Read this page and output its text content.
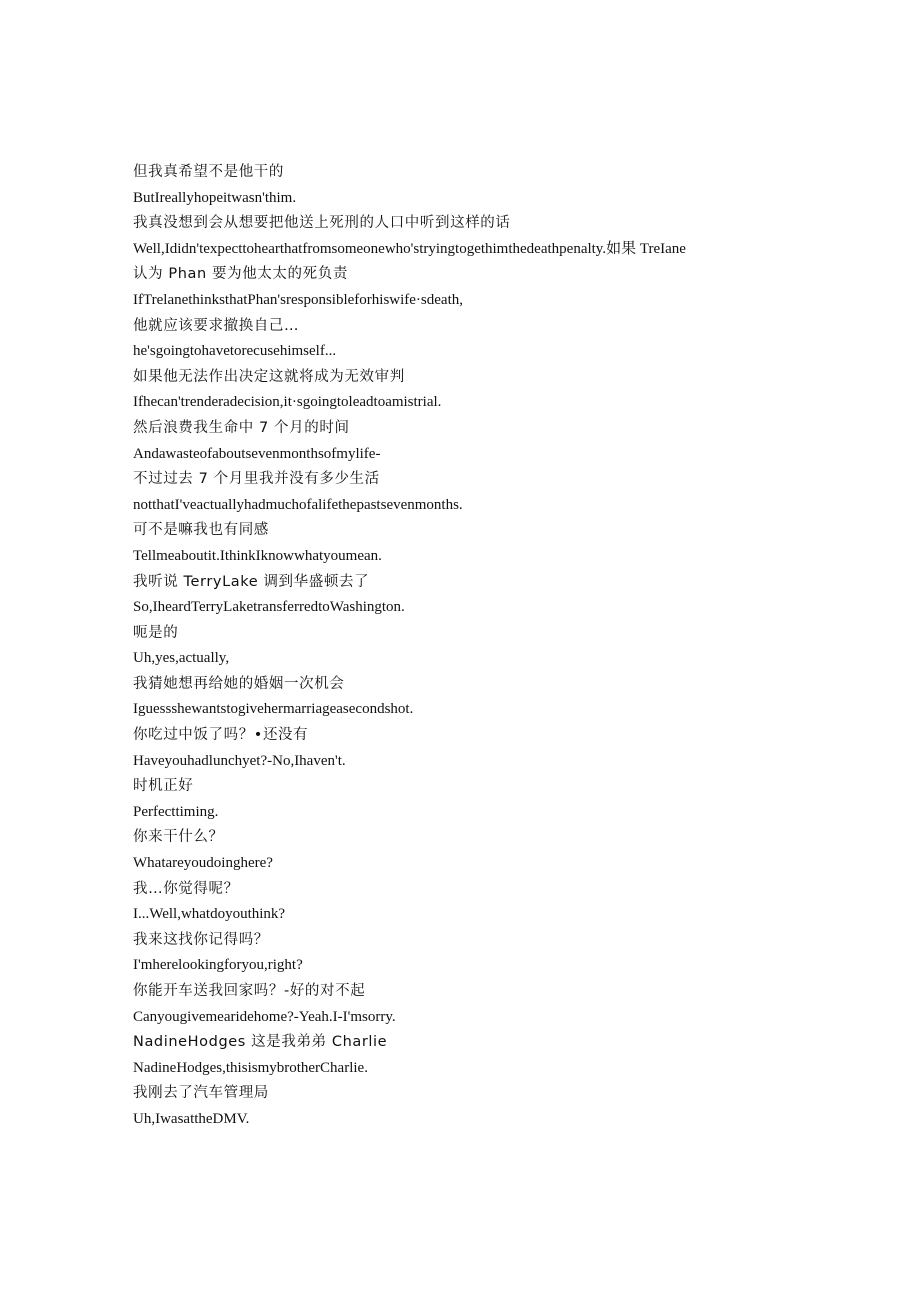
但我真希望不是他干的
ButIreallyhopeitwasn'thim.
我真没想到会从想要把他送上死刑的人口中听到这样的话
Well,Ididn'texpecttohearthatfromsomeonewho'stryingtogethimthedeathpenalty.如果 TreIane
认为 Phan 要为他太太的死负责
IfTrelanethinksthatPhan'sresponsibleforhiswife·sdeath,
他就应该要求撤换自己…
he'sgoingtohavetorecusehimself...
如果他无法作出决定这就将成为无效审判
Ifhecan'trenderadecision,it·sgoingtoleadtoamistrial.
然后浪费我生命中 7 个月的时间
Andawasteofaboutsevenmonthsofmylife-
不过过去 7 个月里我并没有多少生活
notthatI'veactuallyhadmuchofalifethepastsevenmonths.
可不是嘛我也有同感
Tellmeaboutit.IthinkIknowwhatyoumean.
我听说 TerryLake 调到华盛顿去了
So,IheardTerryLaketransferredtoWashington.
呃是的
Uh,yes,actually,
我猜她想再给她的婚姻一次机会
Iguessshewantstogivehermarriageasecondshot.
你吃过中饭了吗？•还没有
Haveyouhadlunchyet?-No,Ihaven't.
时机正好
Perfecttiming.
你来干什么？
Whatareyoudoinghere?
我…你觉得呢？
I...Well,whatdoyouthink?
我来这找你记得吗？
I'mherelookingforyou,right?
你能开车送我回家吗？-好的对不起
Canyougivemearidehome?-Yeah.I-I'msorry.
NadineHodges 这是我弟弟 Charlie
NadineHodges,thisismybrotherCharlie.
我刚去了汽车管理局
Uh,IwasattheDMV.
